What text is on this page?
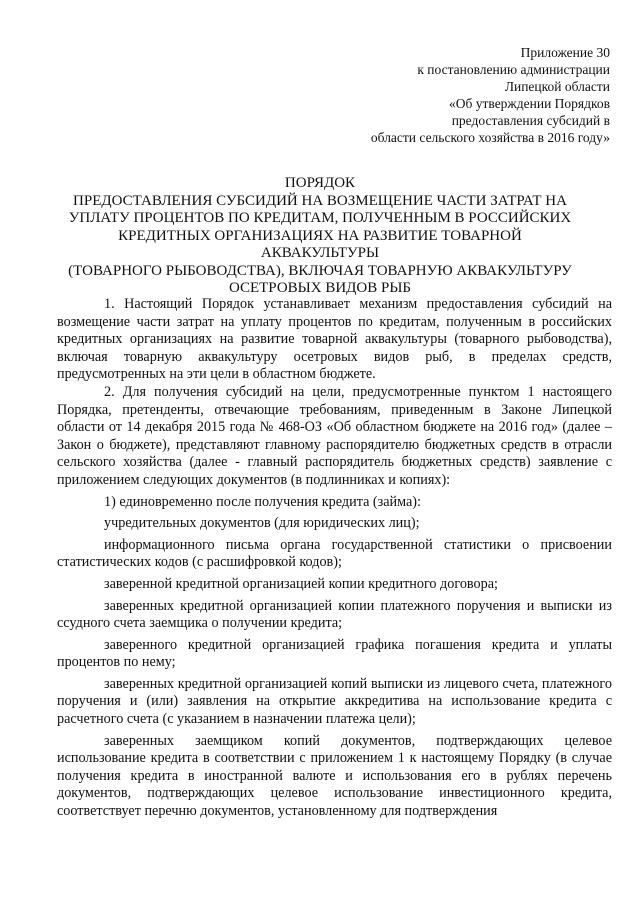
Приложение 30
к постановлению администрации
Липецкой области
«Об утверждении Порядков
предоставления субсидий в
области сельского хозяйства в 2016 году»
ПОРЯДОК
ПРЕДОСТАВЛЕНИЯ СУБСИДИЙ НА ВОЗМЕЩЕНИЕ ЧАСТИ ЗАТРАТ НА
УПЛАТУ ПРОЦЕНТОВ ПО КРЕДИТАМ, ПОЛУЧЕННЫМ В РОССИЙСКИХ
КРЕДИТНЫХ ОРГАНИЗАЦИЯХ НА РАЗВИТИЕ ТОВАРНОЙ АКВАКУЛЬТУРЫ
(ТОВАРНОГО РЫБОВОДСТВА), ВКЛЮЧАЯ ТОВАРНУЮ АКВАКУЛЬТУРУ
ОСЕТРОВЫХ ВИДОВ РЫБ

1. Настоящий Порядок устанавливает механизм предоставления субсидий на возмещение части затрат на уплату процентов по кредитам, полученным в российских кредитных организациях на развитие товарной аквакультуры (товарного рыбоводства), включая товарную аквакультуру осетровых видов рыб, в пределах средств, предусмотренных на эти цели в областном бюджете.

2. Для получения субсидий на цели, предусмотренные пунктом 1 настоящего Порядка, претенденты, отвечающие требованиям, приведенным в Законе Липецкой области от 14 декабря 2015 года № 468-ОЗ «Об областном бюджете на 2016 год» (далее – Закон о бюджете), представляют главному распорядителю бюджетных средств в отрасли сельского хозяйства (далее - главный распорядитель бюджетных средств) заявление с приложением следующих документов (в подлинниках и копиях):

1) единовременно после получения кредита (займа):

учредительных документов (для юридических лиц);

информационного письма органа государственной статистики о присвоении статистических кодов (с расшифровкой кодов);

заверенной кредитной организацией копии кредитного договора;

заверенных кредитной организацией копии платежного поручения и выписки из ссудного счета заемщика о получении кредита;

заверенного кредитной организацией графика погашения кредита и уплаты процентов по нему;

заверенных кредитной организацией копий выписки из лицевого счета, платежного поручения и (или) заявления на открытие аккредитива на использование кредита с расчетного счета (с указанием в назначении платежа цели);

заверенных заемщиком копий документов, подтверждающих целевое использование кредита в соответствии с приложением 1 к настоящему Порядку (в случае получения кредита в иностранной валюте и использования его в рублях перечень документов, подтверждающих целевое использование инвестиционного кредита, соответствует перечню документов, установленному для подтверждения
